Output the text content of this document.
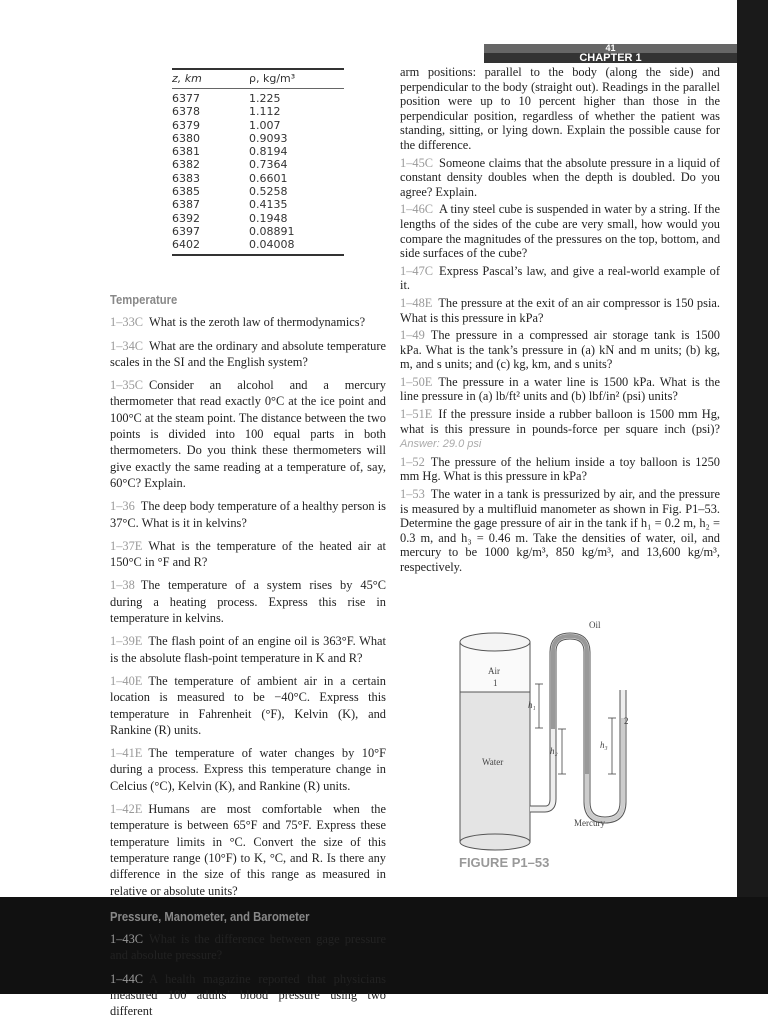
41
CHAPTER 1
z, km	ρ, kg/m³
6377	1.225
6378	1.112
6379	1.007
6380	0.9093
6381	0.8194
6382	0.7364
6383	0.6601
6385	0.5258
6387	0.4135
6392	0.1948
6397	0.08891
6402	0.04008
Temperature

1–33C What is the zeroth law of thermodynamics?

1–34C What are the ordinary and absolute temperature scales in the SI and the English system?

1–35C Consider an alcohol and a mercury thermometer that read exactly 0°C at the ice point and 100°C at the steam point. The distance between the two points is divided into 100 equal parts in both thermometers. Do you think these thermometers will give exactly the same reading at a temperature of, say, 60°C? Explain.

1–36 The deep body temperature of a healthy person is 37°C. What is it in kelvins?

1–37E What is the temperature of the heated air at 150°C in °F and R?

1–38 The temperature of a system rises by 45°C during a heating process. Express this rise in temperature in kelvins.

1–39E The flash point of an engine oil is 363°F. What is the absolute flash-point temperature in K and R?

1–40E The temperature of ambient air in a certain location is measured to be −40°C. Express this temperature in Fahrenheit (°F), Kelvin (K), and Rankine (R) units.

1–41E The temperature of water changes by 10°F during a process. Express this temperature change in Celcius (°C), Kelvin (K), and Rankine (R) units.

1–42E Humans are most comfortable when the temperature is between 65°F and 75°F. Express these temperature limits in °C. Convert the size of this temperature range (10°F) to K, °C, and R. Is there any difference in the size of this range as measured in relative or absolute units?

Pressure, Manometer, and Barometer

1–43C What is the difference between gage pressure and absolute pressure?

1–44C A health magazine reported that physicians measured 100 adults’ blood pressure using two different

arm positions: parallel to the body (along the side) and perpendicular to the body (straight out). Readings in the parallel position were up to 10 percent higher than those in the perpendicular position, regardless of whether the patient was standing, sitting, or lying down. Explain the possible cause for the difference.

1–45C Someone claims that the absolute pressure in a liquid of constant density doubles when the depth is doubled. Do you agree? Explain.

1–46C A tiny steel cube is suspended in water by a string. If the lengths of the sides of the cube are very small, how would you compare the magnitudes of the pressures on the top, bottom, and side surfaces of the cube?

1–47C Express Pascal’s law, and give a real-world example of it.

1–48E The pressure at the exit of an air compressor is 150 psia. What is this pressure in kPa?

1–49 The pressure in a compressed air storage tank is 1500 kPa. What is the tank’s pressure in (a) kN and m units; (b) kg, m, and s units; and (c) kg, km, and s units?

1–50E The pressure in a water line is 1500 kPa. What is the line pressure in (a) lb/ft² units and (b) lbf/in² (psi) units?

1–51E If the pressure inside a rubber balloon is 1500 mm Hg, what is this pressure in pounds-force per square inch (psi)? Answer: 29.0 psi

1–52 The pressure of the helium inside a toy balloon is 1250 mm Hg. What is this pressure in kPa?

1–53 The water in a tank is pressurized by air, and the pressure is measured by a multifluid manometer as shown in Fig. P1–53. Determine the gage pressure of air in the tank if h₁ = 0.2 m, h₂ = 0.3 m, and h₃ = 0.46 m. Take the densities of water, oil, and mercury to be 1000 kg/m³, 850 kg/m³, and 13,600 kg/m³, respectively.

Oil
Air
1
h₁
2
h₂
h₃
Water
Mercury
FIGURE P1–53
